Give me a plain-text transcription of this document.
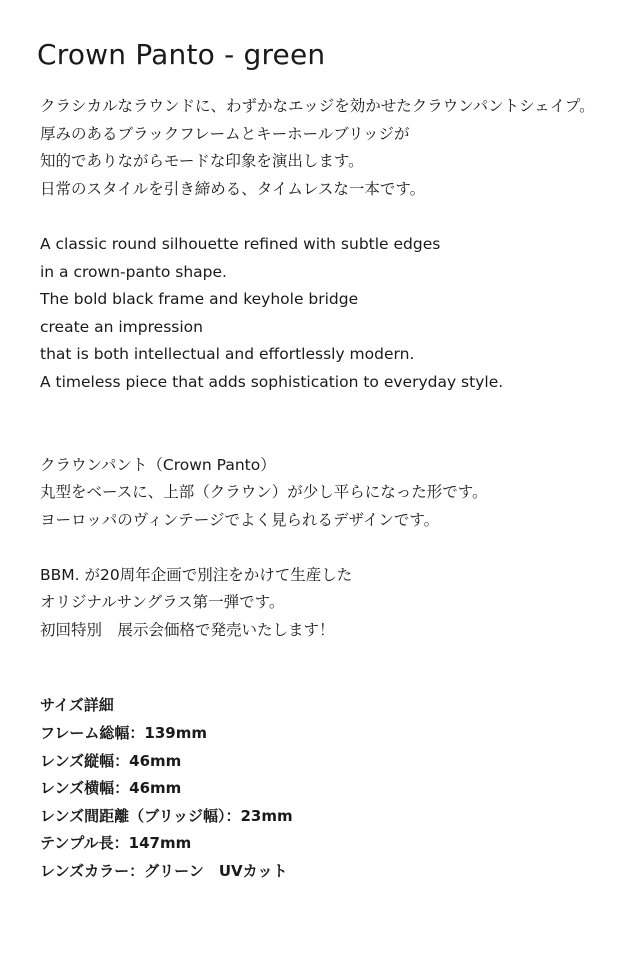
Crown Panto - green
クラシカルなラウンドに、わずかなエッジを効かせたクラウンパントシェイプ。
厚みのあるブラックフレームとキーホールブリッジが
知的でありながらモードな印象を演出します。
日常のスタイルを引き締める、タイムレスな一本です。
A classic round silhouette refined with subtle edges
in a crown-panto shape.
The bold black frame and keyhole bridge
create an impression
that is both intellectual and effortlessly modern.
A timeless piece that adds sophistication to everyday style.
クラウンパント（Crown Panto）
丸型をベースに、上部（クラウン）が少し平らになった形です。
ヨーロッパのヴィンテージでよく見られるデザインです。
BBM. が20周年企画で別注をかけて生産した
オリジナルサングラス第一弾です。
初回特別　展示会価格で発売いたします！
サイズ詳細
フレーム総幅：139mm
レンズ縦幅：46mm
レンズ横幅：46mm
レンズ間距離（ブリッジ幅）：23mm
テンプル長：147mm
レンズカラー：グリーン　UVカット
